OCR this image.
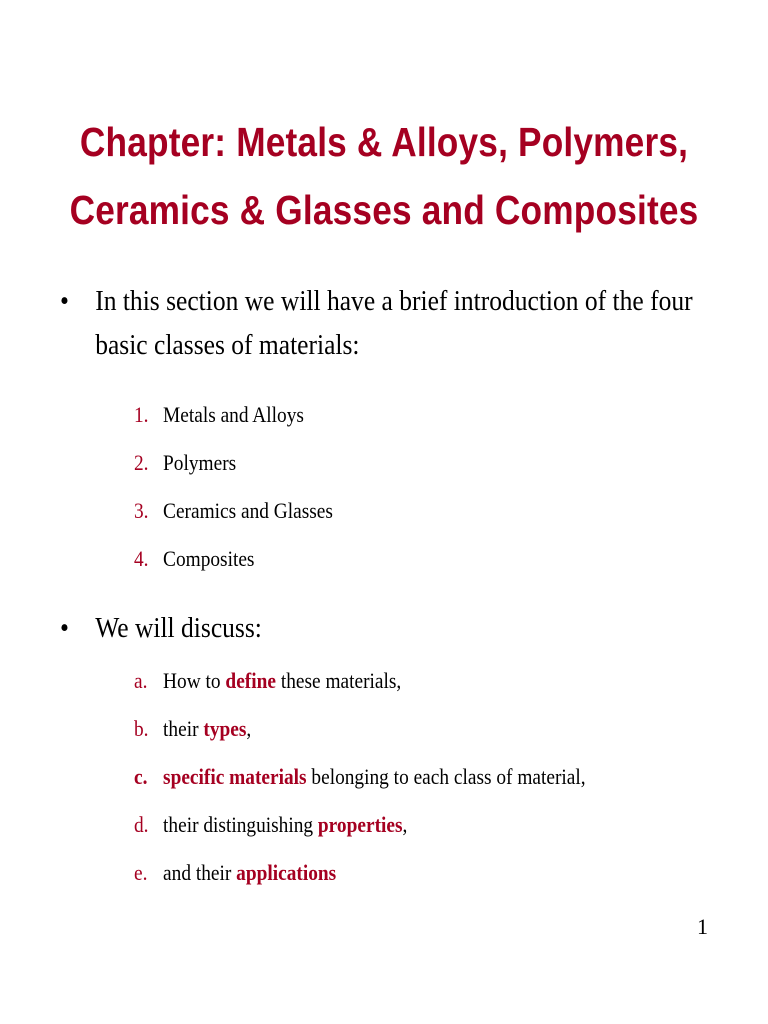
Chapter: Metals & Alloys, Polymers,
Ceramics & Glasses and Composites
• In this section we will have a brief introduction of the four basic classes of materials:
1. Metals and Alloys
2. Polymers
3. Ceramics and Glasses
4. Composites
• We will discuss:
a. How to define these materials,
b. their types,
c. specific materials belonging to each class of material,
d. their distinguishing properties,
e. and their applications
1
